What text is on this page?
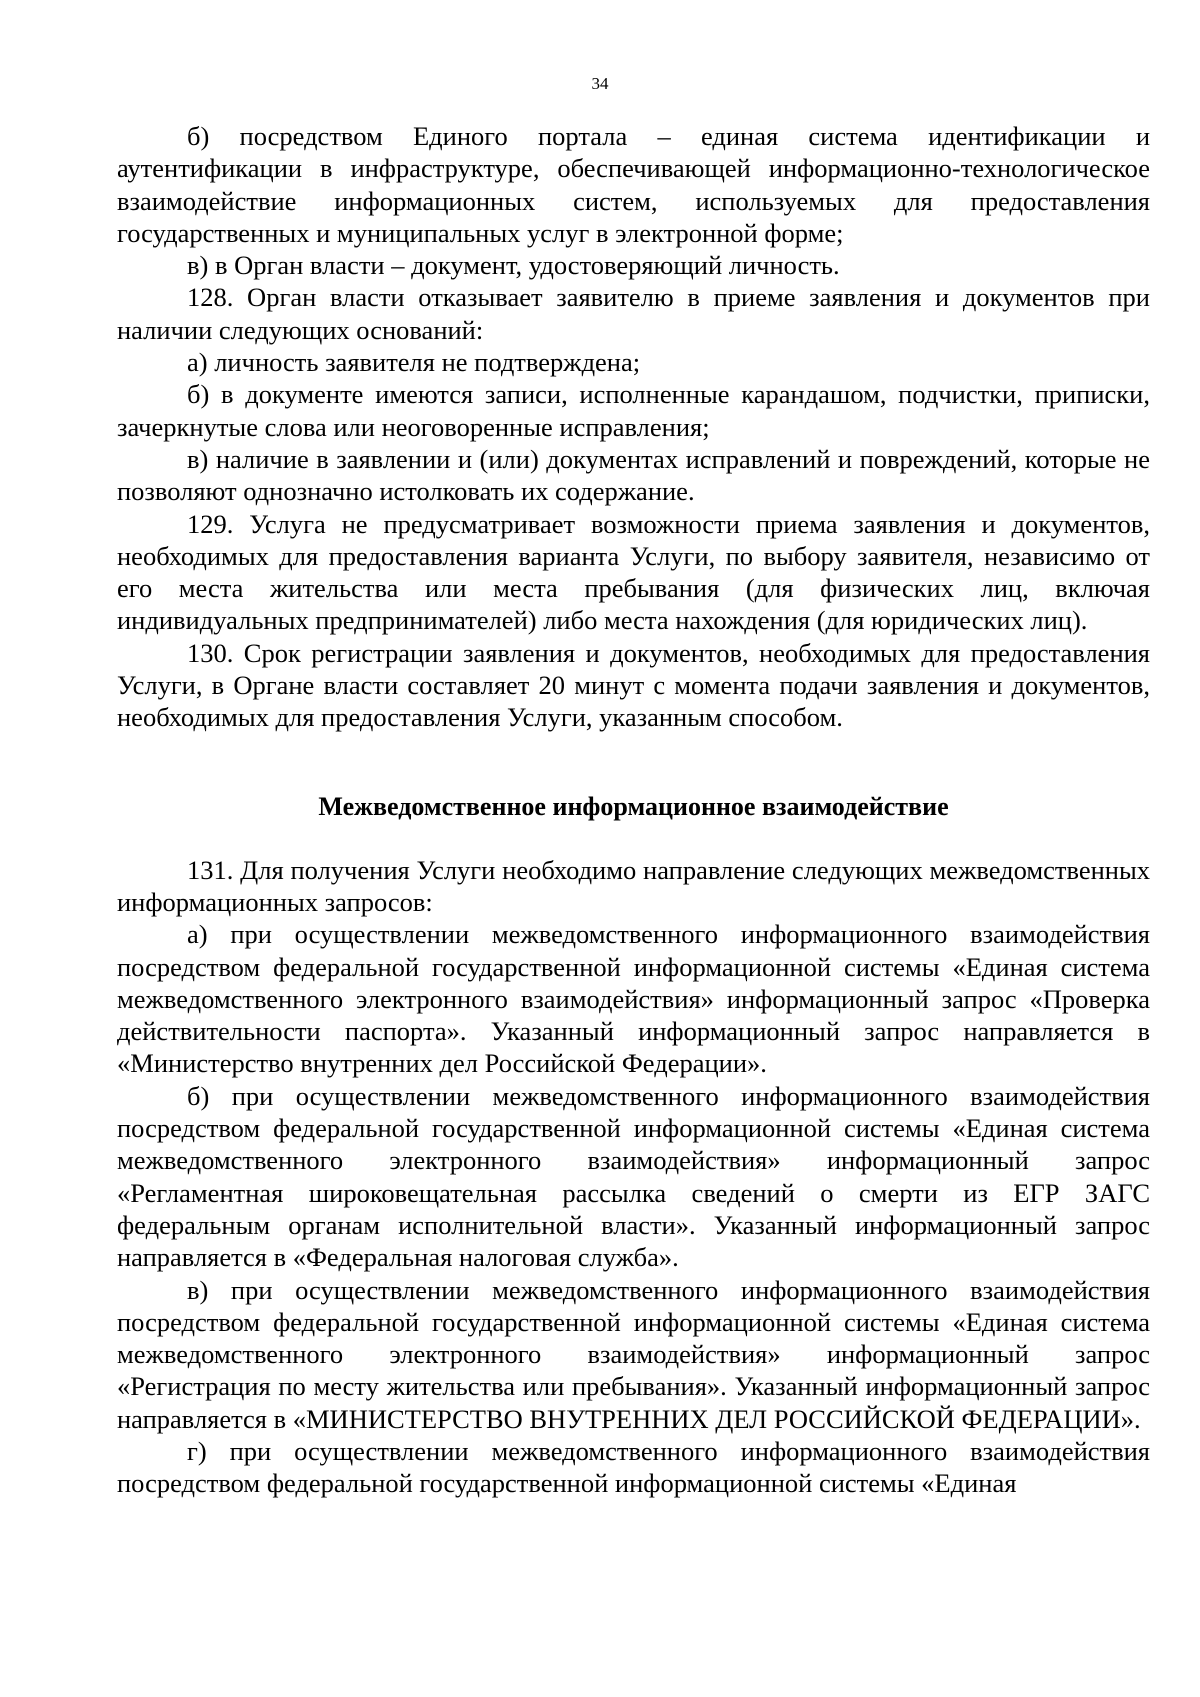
34

б) посредством Единого портала – единая система идентификации и аутентификации в инфраструктуре, обеспечивающей информационно-технологическое взаимодействие информационных систем, используемых для предоставления государственных и муниципальных услуг в электронной форме;

в) в Орган власти – документ, удостоверяющий личность.

128. Орган власти отказывает заявителю в приеме заявления и документов при наличии следующих оснований:

а) личность заявителя не подтверждена;

б) в документе имеются записи, исполненные карандашом, подчистки, приписки, зачеркнутые слова или неоговоренные исправления;

в) наличие в заявлении и (или) документах исправлений и повреждений, которые не позволяют однозначно истолковать их содержание.

129. Услуга не предусматривает возможности приема заявления и документов, необходимых для предоставления варианта Услуги, по выбору заявителя, независимо от его места жительства или места пребывания (для физических лиц, включая индивидуальных предпринимателей) либо места нахождения (для юридических лиц).

130. Срок регистрации заявления и документов, необходимых для предоставления Услуги, в Органе власти составляет 20 минут с момента подачи заявления и документов, необходимых для предоставления Услуги, указанным способом.

Межведомственное информационное взаимодействие

131. Для получения Услуги необходимо направление следующих межведомственных информационных запросов:

а) при осуществлении межведомственного информационного взаимодействия посредством федеральной государственной информационной системы «Единая система межведомственного электронного взаимодействия» информационный запрос «Проверка действительности паспорта». Указанный информационный запрос направляется в «Министерство внутренних дел Российской Федерации».

б) при осуществлении межведомственного информационного взаимодействия посредством федеральной государственной информационной системы «Единая система межведомственного электронного взаимодействия» информационный запрос «Регламентная широковещательная рассылка сведений о смерти из ЕГР ЗАГС федеральным органам исполнительной власти». Указанный информационный запрос направляется в «Федеральная налоговая служба».

в) при осуществлении межведомственного информационного взаимодействия посредством федеральной государственной информационной системы «Единая система межведомственного электронного взаимодействия» информационный запрос «Регистрация по месту жительства или пребывания». Указанный информационный запрос направляется в «МИНИСТЕРСТВО ВНУТРЕННИХ ДЕЛ РОССИЙСКОЙ ФЕДЕРАЦИИ».

г) при осуществлении межведомственного информационного взаимодействия посредством федеральной государственной информационной системы «Единая
